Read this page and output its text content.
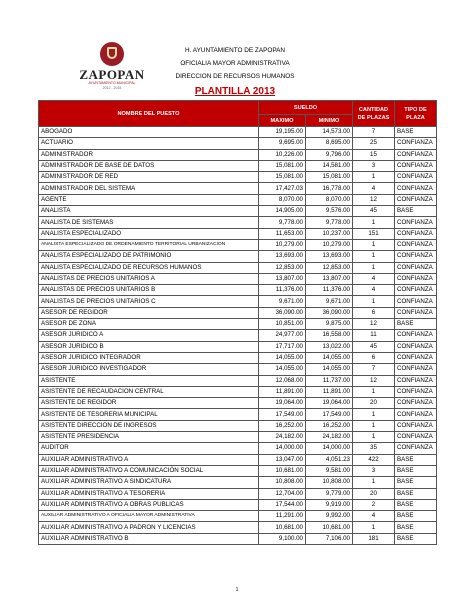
ZAPOPAN
AYUNTAMIENTO MUNICIPAL
2012 - 2015
H. AYUNTAMIENTO DE ZAPOPAN
OFICIALIA MAYOR ADMINISTRATIVA
DIRECCION DE RECURSOS HUMANOS
PLANTILLA 2013
NOMBRE DEL PUESTO	SUELDO		CANTIDAD DE PLAZAS	TIPO DE PLAZA
	MAXIMO	MINIMO		
ABOGADO	19,195.00	14,573.00	7	BASE
ACTUARIO	9,695.00	8,695.00	25	CONFIANZA
ADMINISTRADOR	10,226.00	9,796.00	15	CONFIANZA
ADMINISTRADOR DE BASE DE DATOS	15,081.00	14,581.00	3	CONFIANZA
ADMINISTRADOR DE RED	15,081.00	15,081.00	1	CONFIANZA
ADMINISTRADOR DEL SISTEMA	17,427.03	16,778.00	4	CONFIANZA
AGENTE	8,070.00	8,070.00	12	CONFIANZA
ANALISTA	14,905.00	9,576.00	45	BASE
ANALISTA DE SISTEMAS	9,778.00	9,778.00	1	CONFIANZA
ANALISTA ESPECIALIZADO	11,653.00	10,237.00	151	CONFIANZA
ANALISTA ESPECIALIZADO DE ORDENAMIENTO TERRITORIAL URBANIZACION	10,279.00	10,279.00	1	CONFIANZA
ANALISTA ESPECIALIZADO DE PATRIMONIO	13,693.00	13,693.00	1	CONFIANZA
ANALISTA ESPECIALIZADO DE RECURSOS HUMANOS	12,853.00	12,853.00	1	CONFIANZA
ANALISTAS DE PRECIOS UNITARIOS A	13,807.00	13,807.00	4	CONFIANZA
ANALISTAS DE PRECIOS UNITARIOS B	11,376.00	11,376.00	4	CONFIANZA
ANALISTAS DE PRECIOS UNITARIOS C	9,671.00	9,671.00	1	CONFIANZA
ASESOR DE REGIDOR	36,090.00	36,090.00	6	CONFIANZA
ASESOR DE ZONA	10,851.00	9,875.00	12	BASE
ASESOR JURIDICO A	24,977.00	16,558.00	11	CONFIANZA
ASESOR JURIDICO B	17,717.00	13,022.00	45	CONFIANZA
ASESOR JURIDICO INTEGRADOR	14,055.00	14,055.00	6	CONFIANZA
ASESOR JURIDICO INVESTIGADOR	14,055.00	14,055.00	7	CONFIANZA
ASISTENTE	12,068.00	11,737.00	12	CONFIANZA
ASISTENTE DE RECAUDACION CENTRAL	11,891.00	11,891.00	1	CONFIANZA
ASISTENTE DE REGIDOR	19,064.00	19,064.00	20	CONFIANZA
ASISTENTE DE TESORERIA MUNICIPAL	17,549.00	17,549.00	1	CONFIANZA
ASISTENTE DIRECCION DE INGRESOS	16,252.00	16,252.00	1	CONFIANZA
ASISTENTE PRESIDENCIA	24,182.00	24,182.00	1	CONFIANZA
AUDITOR	14,000.00	14,000.00	35	CONFIANZA
AUXILIAR ADMINISTRATIVO A	13,047.00	4,051.23	422	BASE
AUXILIAR ADMINISTRATIVO A COMUNICACIÓN SOCIAL	10,681.00	9,581.00	3	BASE
AUXILIAR ADMINISTRATIVO A SINDICATURA	10,808.00	10,808.00	1	BASE
AUXILIAR ADMINISTRATIVO A TESORERIA	12,704.00	9,779.00	20	BASE
AUXILIAR ADMINISTRATIVO A OBRAS PUBLICAS	17,544.00	9,919.00	2	BASE
AUXILIAR ADMINISTRATIVO A OFICIALIA MAYOR ADMINISTRATIVA	11,291.00	9,992.00	4	BASE
AUXILIAR ADMINISTRATIVO A PADRON Y LICENCIAS	10,681.00	10,681.00	1	BASE
AUXILIAR ADMINISTRATIVO B	9,100.00	7,106.00	181	BASE
1
